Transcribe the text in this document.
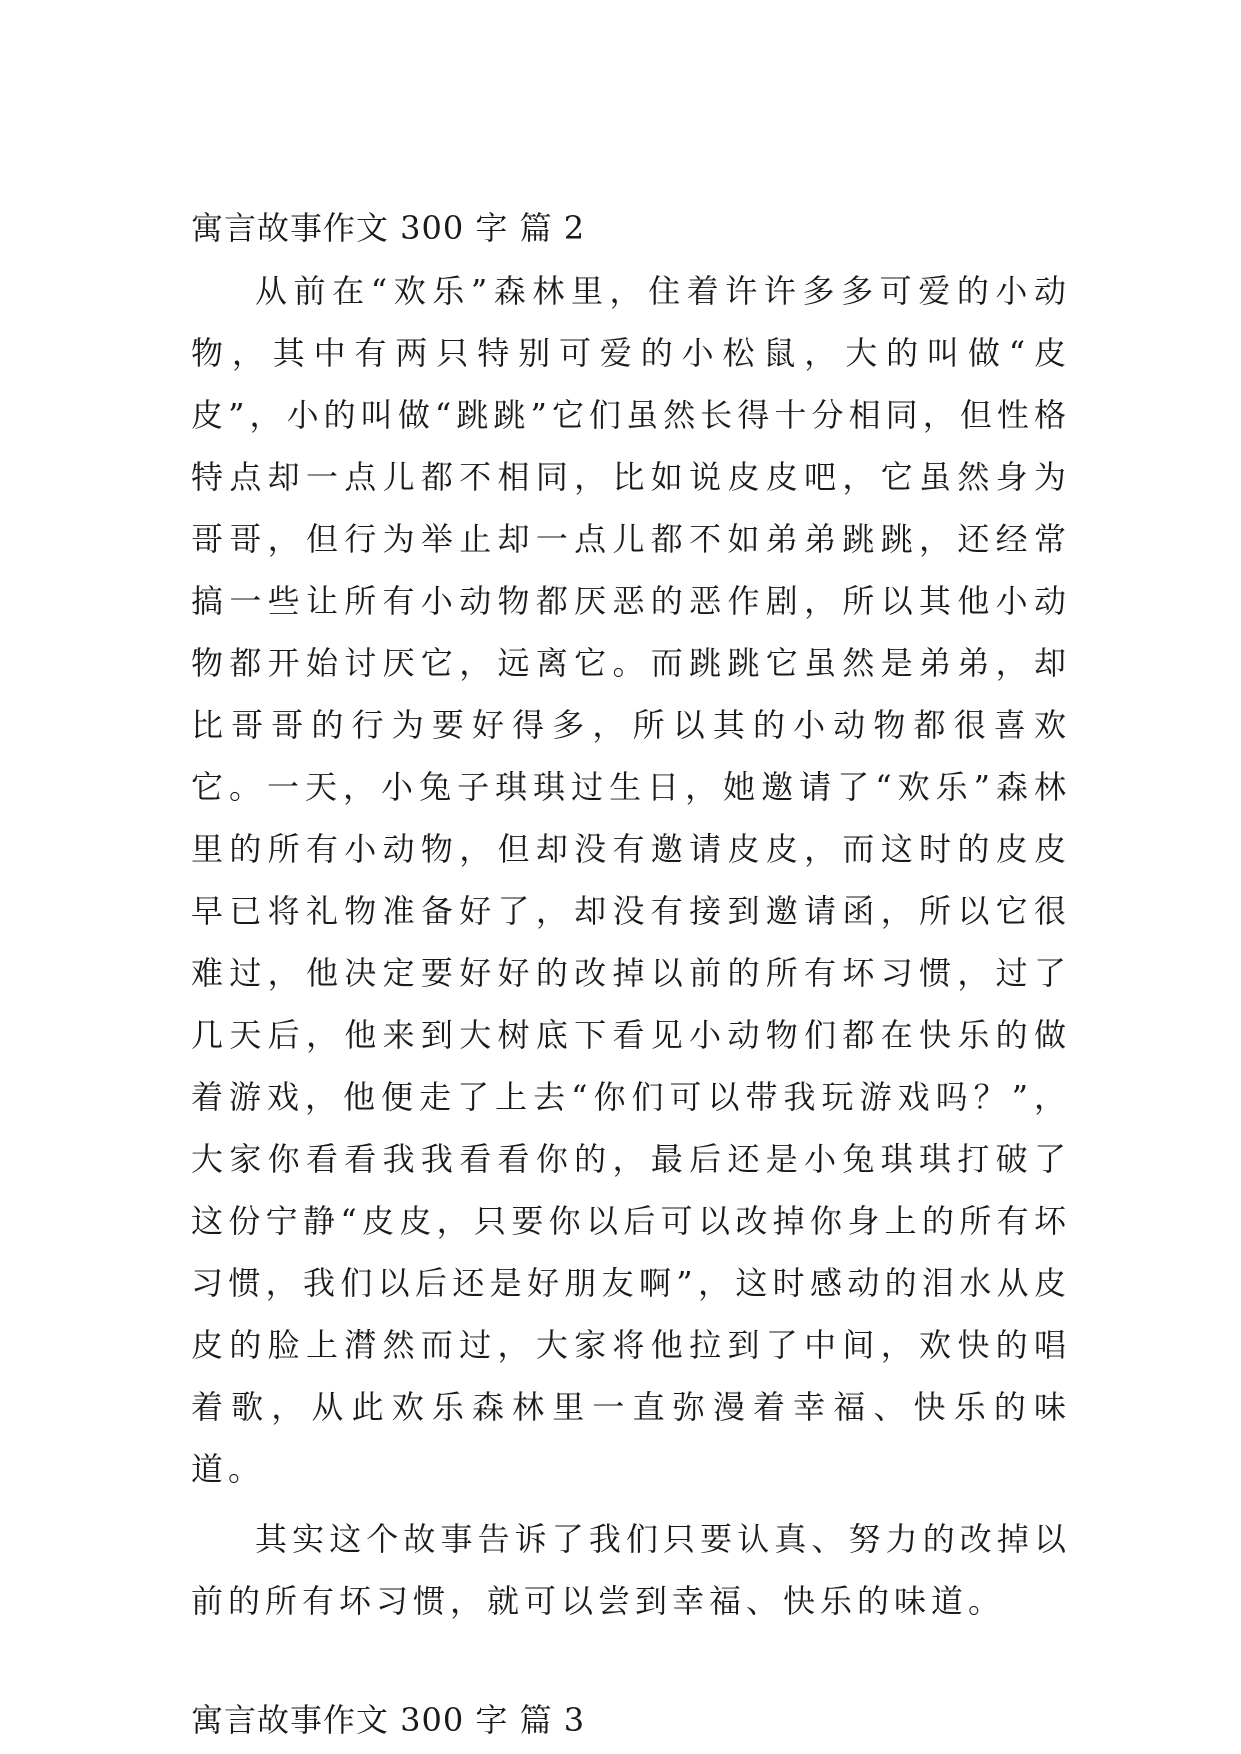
寓言故事作文 300 字 篇 2

从前在“欢乐”森林里，住着许许多多可爱的小动物，其中有两只特别可爱的小松鼠，大的叫做“皮皮”，小的叫做“跳跳”它们虽然长得十分相同，但性格特点却一点儿都不相同，比如说皮皮吧，它虽然身为哥哥，但行为举止却一点儿都不如弟弟跳跳，还经常搞一些让所有小动物都厌恶的恶作剧，所以其他小动物都开始讨厌它，远离它。而跳跳它虽然是弟弟，却比哥哥的行为要好得多，所以其的小动物都很喜欢它。一天，小兔子琪琪过生日，她邀请了“欢乐”森林里的所有小动物，但却没有邀请皮皮，而这时的皮皮早已将礼物准备好了，却没有接到邀请函，所以它很难过，他决定要好好的改掉以前的所有坏习惯，过了几天后，他来到大树底下看见小动物们都在快乐的做着游戏，他便走了上去“你们可以带我玩游戏吗？”，大家你看看我我看看你的，最后还是小兔琪琪打破了这份宁静“皮皮，只要你以后可以改掉你身上的所有坏习惯，我们以后还是好朋友啊”，这时感动的泪水从皮皮的脸上潸然而过，大家将他拉到了中间，欢快的唱着歌，从此欢乐森林里一直弥漫着幸福、快乐的味道。

其实这个故事告诉了我们只要认真、努力的改掉以前的所有坏习惯，就可以尝到幸福、快乐的味道。

寓言故事作文 300 字 篇 3
